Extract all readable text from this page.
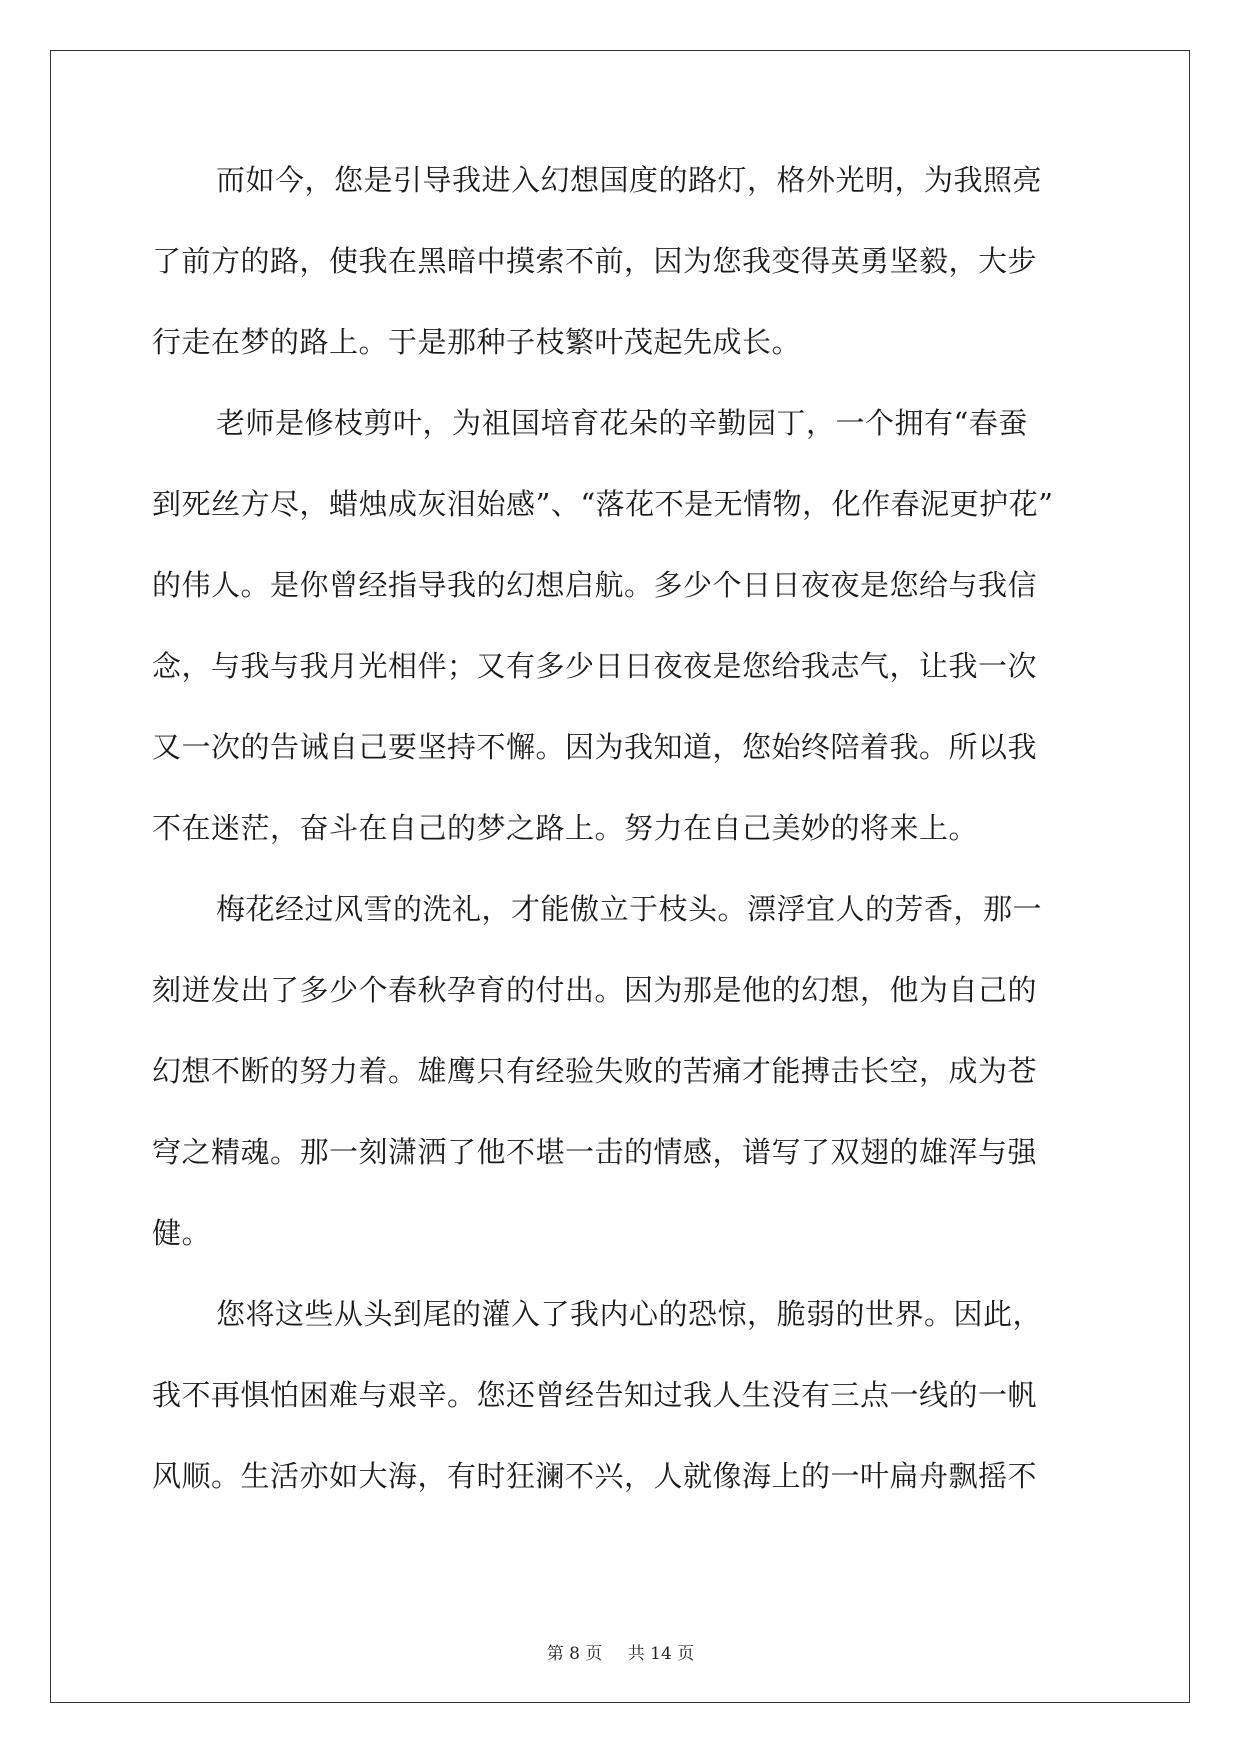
而如今，您是引导我进入幻想国度的路灯，格外光明，为我照亮
了前方的路，使我在黑暗中摸索不前，因为您我变得英勇坚毅，大步
行走在梦的路上。于是那种子枝繁叶茂起先成长。
老师是修枝剪叶，为祖国培育花朵的辛勤园丁，一个拥有“春蚕
到死丝方尽，蜡烛成灰泪始感”、“落花不是无情物，化作春泥更护花”
的伟人。是你曾经指导我的幻想启航。多少个日日夜夜是您给与我信
念，与我与我月光相伴；又有多少日日夜夜是您给我志气，让我一次
又一次的告诫自己要坚持不懈。因为我知道，您始终陪着我。所以我
不在迷茫，奋斗在自己的梦之路上。努力在自己美妙的将来上。
梅花经过风雪的洗礼，才能傲立于枝头。漂浮宜人的芳香，那一
刻迸发出了多少个春秋孕育的付出。因为那是他的幻想，他为自己的
幻想不断的努力着。雄鹰只有经验失败的苦痛才能搏击长空，成为苍
穹之精魂。那一刻潇洒了他不堪一击的情感，谱写了双翅的雄浑与强
健。
您将这些从头到尾的灌入了我内心的恐惊，脆弱的世界。因此，
我不再惧怕困难与艰辛。您还曾经告知过我人生没有三点一线的一帆
风顺。生活亦如大海，有时狂澜不兴，人就像海上的一叶扁舟飘摇不
第 8 页 共 14 页
